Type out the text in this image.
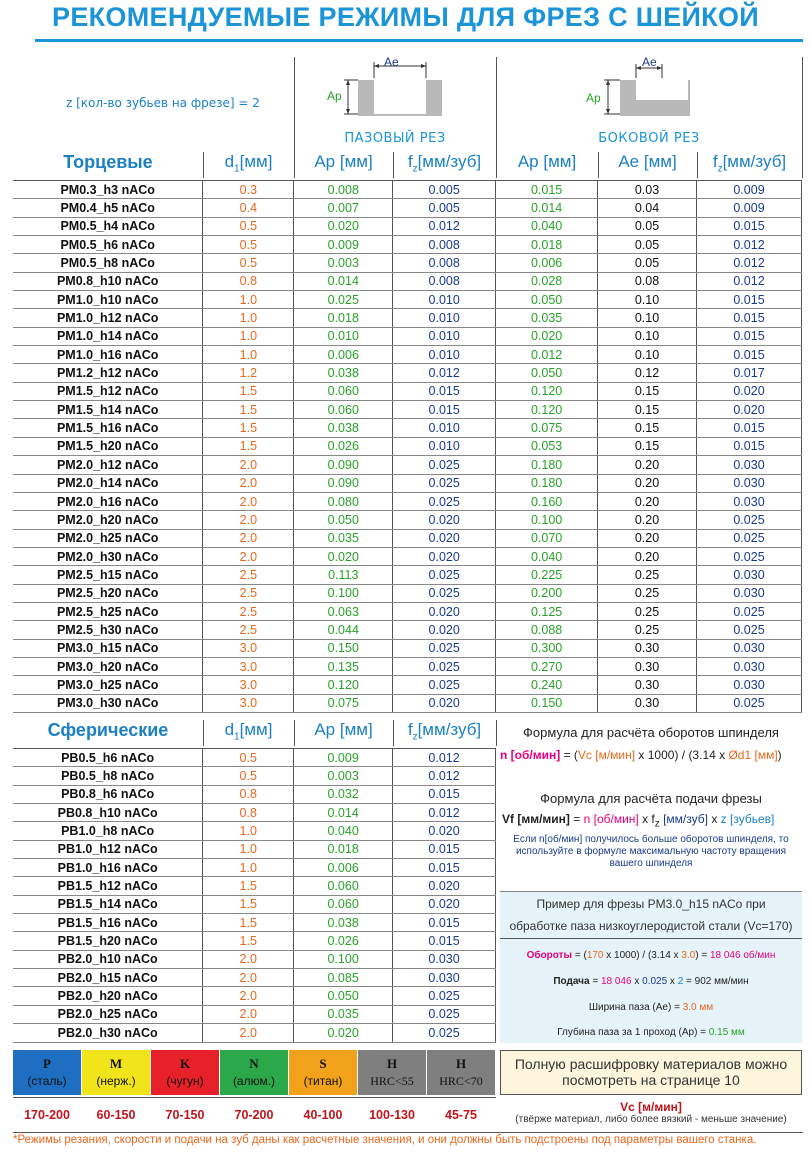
РЕКОМЕНДУЕМЫЕ РЕЖИМЫ ДЛЯ ФРЕЗ С ШЕЙКОЙ
z [кол-во зубьев на фрезе] = 2
Ae
Ap
ПАЗОВЫЙ РЕЗ
Ae
Ap
БОКОВОЙ РЕЗ
Торцевые	$d_1[мм]$	Ap [мм]	$f_z[мм/зуб]$	Ap [мм]	Ae [мм]	$f_z[мм/зуб]$
PM0.3_h3 nACo	0.3	0.008	0.005	0.015	0.03	0.009
PM0.4_h5 nACo	0.4	0.007	0.005	0.014	0.04	0.009
PM0.5_h4 nACo	0.5	0.020	0.012	0.040	0.05	0.015
PM0.5_h6 nACo	0.5	0.009	0.008	0.018	0.05	0.012
PM0.5_h8 nACo	0.5	0.003	0.008	0.006	0.05	0.012
PM0.8_h10 nACo	0.8	0.014	0.008	0.028	0.08	0.012
PM1.0_h10 nACo	1.0	0.025	0.010	0.050	0.10	0.015
PM1.0_h12 nACo	1.0	0.018	0.010	0.035	0.10	0.015
PM1.0_h14 nACo	1.0	0.010	0.010	0.020	0.10	0.015
PM1.0_h16 nACo	1.0	0.006	0.010	0.012	0.10	0.015
PM1.2_h12 nACo	1.2	0.038	0.012	0.050	0.12	0.017
PM1.5_h12 nACo	1.5	0.060	0.015	0.120	0.15	0.020
PM1.5_h14 nACo	1.5	0.060	0.015	0.120	0.15	0.020
PM1.5_h16 nACo	1.5	0.038	0.010	0.075	0.15	0.015
PM1.5_h20 nACo	1.5	0.026	0.010	0.053	0.15	0.015
PM2.0_h12 nACo	2.0	0.090	0.025	0.180	0.20	0.030
PM2.0_h14 nACo	2.0	0.090	0.025	0.180	0.20	0.030
PM2.0_h16 nACo	2.0	0.080	0.025	0.160	0.20	0.030
PM2.0_h20 nACo	2.0	0.050	0.020	0.100	0.20	0.025
PM2.0_h25 nACo	2.0	0.035	0.020	0.070	0.20	0.025
PM2.0_h30 nACo	2.0	0.020	0.020	0.040	0.20	0.025
PM2.5_h15 nACo	2.5	0.113	0.025	0.225	0.25	0.030
PM2.5_h20 nACo	2.5	0.100	0.025	0.200	0.25	0.030
PM2.5_h25 nACo	2.5	0.063	0.020	0.125	0.25	0.025
PM2.5_h30 nACo	2.5	0.044	0.020	0.088	0.25	0.025
PM3.0_h15 nACo	3.0	0.150	0.025	0.300	0.30	0.030
PM3.0_h20 nACo	3.0	0.135	0.025	0.270	0.30	0.030
PM3.0_h25 nACo	3.0	0.120	0.025	0.240	0.30	0.030
PM3.0_h30 nACo	3.0	0.075	0.020	0.150	0.30	0.025
Сферические	$d_1[мм]$	Ap [мм]	$f_z[мм/зуб]$
PB0.5_h6 nACo	0.5	0.009	0.012
PB0.5_h8 nACo	0.5	0.003	0.012
PB0.8_h6 nACo	0.8	0.032	0.015
PB0.8_h10 nACo	0.8	0.014	0.012
PB1.0_h8 nACo	1.0	0.040	0.020
PB1.0_h12 nACo	1.0	0.018	0.015
PB1.0_h16 nACo	1.0	0.006	0.015
PB1.5_h12 nACo	1.5	0.060	0.020
PB1.5_h14 nACo	1.5	0.060	0.020
PB1.5_h16 nACo	1.5	0.038	0.015
PB1.5_h20 nACo	1.5	0.026	0.015
PB2.0_h10 nACo	2.0	0.100	0.030
PB2.0_h15 nACo	2.0	0.085	0.030
PB2.0_h20 nACo	2.0	0.050	0.025
PB2.0_h25 nACo	2.0	0.035	0.025
PB2.0_h30 nACo	2.0	0.020	0.025
Формула для расчёта оборотов шпинделя
n [об/мин] = (Vc [м/мин] x 1000) / (3.14 x Ød1 [мм])
Формула для расчёта подачи фрезы
Vf [мм/мин] = n [об/мин] x $f_z$ [мм/зуб] x z [зубьев]
Если n[об/мин] получилось больше оборотов шпинделя, то
используйте в формуле максимальную частоту вращения
вашего шпинделя
Пример для фрезы PM3.0_h15 nACo при
обработке паза низкоуглеродистой стали (Vc=170)
Обороты = (170 x 1000) / (3.14 x 3.0) = 18 046 об/мин
Подача = 18 046 x 0.025 x 2 = 902 мм/мин
Ширина паза (Ae) = 3.0 мм
Глубина паза за 1 проход (Ap) = 0.15 мм
P
(сталь)
170-200
M
(нерж.)
60-150
K
(чугун)
70-150
N
(алюм.)
70-200
S
(титан)
40-100
H
HRC<55
100-130
H
HRC<70
45-75
Полную расшифровку материалов можно посмотреть на странице 10
Vc [м/мин]
(твёрже материал, либо более вязкий - меньше значение)
*Режимы резания, скорости и подачи на зуб даны как расчетные значения, и они должны быть подстроены под параметры вашего станка.
